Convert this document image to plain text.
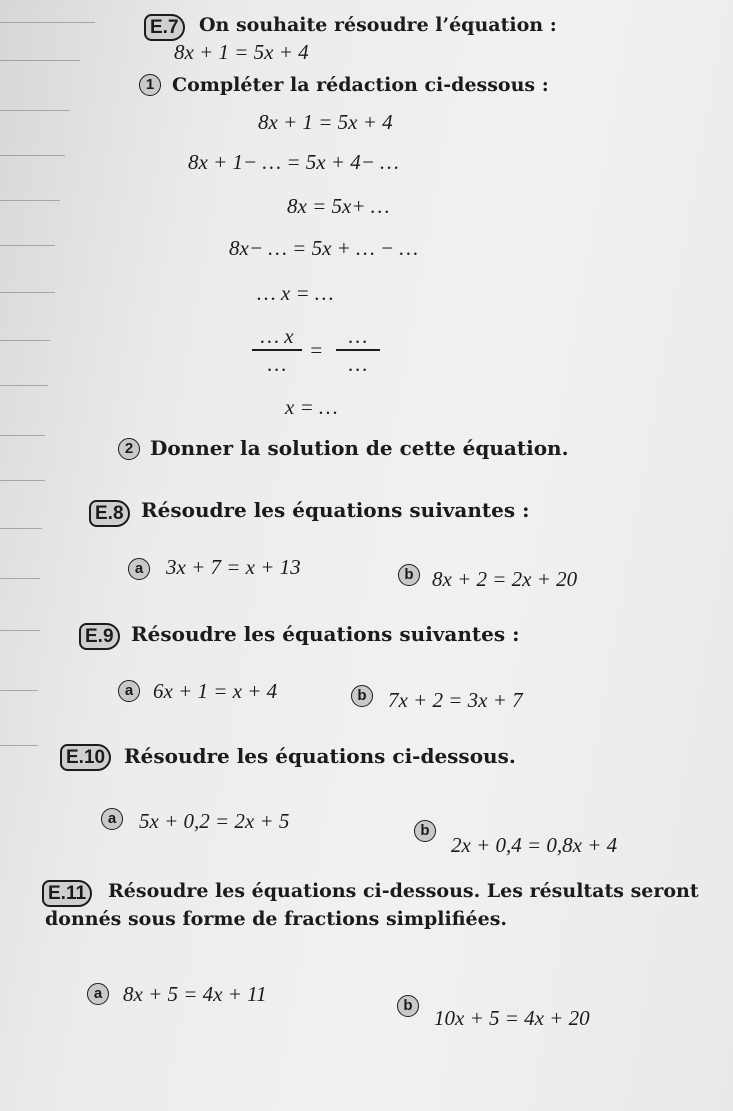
E.7	On souhaite résoudre l’équation :
8x + 1 = 5x + 4
1 Compléter la rédaction ci-dessous :
8x + 1 = 5x + 4
8x + 1− … = 5x + 4− …
8x = 5x+ …
8x− … = 5x + … − …
… x = …
… x
…
=
…
…
x = …
2 Donner la solution de cette équation.
E.8 Résoudre les équations suivantes :
a	3x + 7 = x + 13	b 8x + 2 = 2x + 20
E.9 Résoudre les équations suivantes :
a 6x + 1 = x + 4	b	7x + 2 = 3x + 7
E.10 Résoudre les équations ci-dessous.
a	5x + 0,2 = 2x + 5	b
2x + 0,4 = 0,8x + 4
E.11	Résoudre les équations ci-dessous. Les résultats seront
donnés sous forme de fractions simplifiées.
a 8x + 5 = 4x + 11	b
10x + 5 = 4x + 20
